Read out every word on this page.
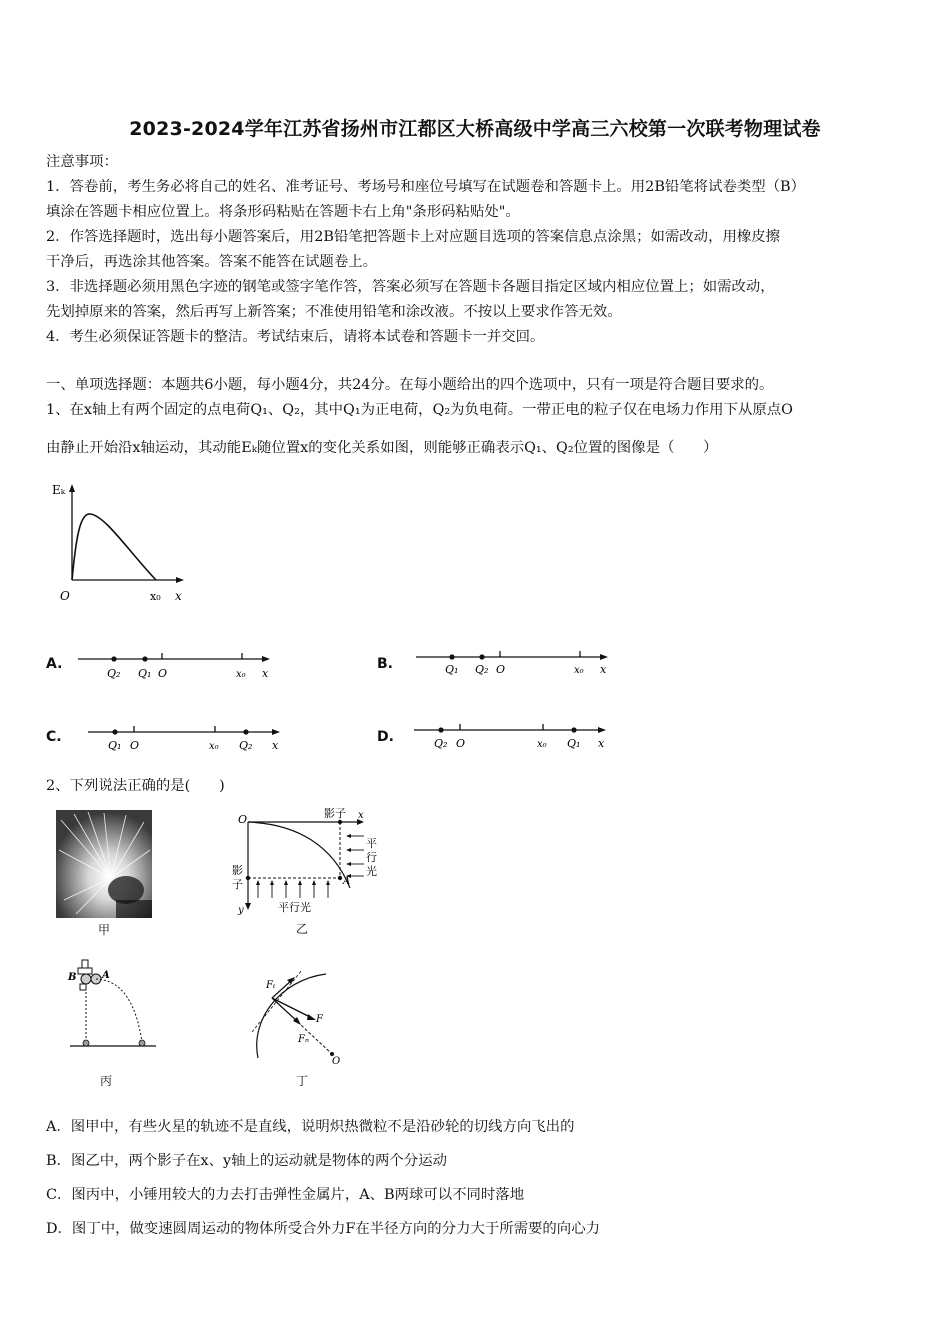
2023-2024学年江苏省扬州市江都区大桥高级中学高三六校第一次联考物理试卷
注意事项：
1．答卷前，考生务必将自己的姓名、准考证号、考场号和座位号填写在试题卷和答题卡上。用2B铅笔将试卷类型（B）
填涂在答题卡相应位置上。将条形码粘贴在答题卡右上角"条形码粘贴处"。
2．作答选择题时，选出每小题答案后，用2B铅笔把答题卡上对应题目选项的答案信息点涂黑；如需改动，用橡皮擦
干净后，再选涂其他答案。答案不能答在试题卷上。
3．非选择题必须用黑色字迹的钢笔或签字笔作答，答案必须写在答题卡各题目指定区域内相应位置上；如需改动，
先划掉原来的答案，然后再写上新答案；不准使用铅笔和涂改液。不按以上要求作答无效。
4．考生必须保证答题卡的整洁。考试结束后，请将本试卷和答题卡一并交回。
一、单项选择题：本题共6小题，每小题4分，共24分。在每小题给出的四个选项中，只有一项是符合题目要求的。
1、在x轴上有两个固定的点电荷Q₁、Q₂，其中Q₁为正电荷，Q₂为负电荷。一带正电的粒子仅在电场力作用下从原点O
由静止开始沿x轴运动，其动能Eₖ随位置x的变化关系如图，则能够正确表示Q₁、Q₂位置的图像是（　　）
Eₖ
O	x₀ x
A.
Q₂ Q₁ O	x₀ x
B.	Q₁ Q₂ O	x₀ x
C.
Q₁ O	x₀ Q₂ x
D.	Q₂ O	x₀ Q₁ x
2、下列说法正确的是(　　)
甲
O	影子 x
平
行
光
A
影
子
y	平行光
乙
B	A
丙
Fₜ
F
Fₙ
O
丁
A．图甲中，有些火星的轨迹不是直线，说明炽热微粒不是沿砂轮的切线方向飞出的
B．图乙中，两个影子在x、y轴上的运动就是物体的两个分运动
C．图丙中，小锤用较大的力去打击弹性金属片，A、B两球可以不同时落地
D．图丁中，做变速圆周运动的物体所受合外力F在半径方向的分力大于所需要的向心力
